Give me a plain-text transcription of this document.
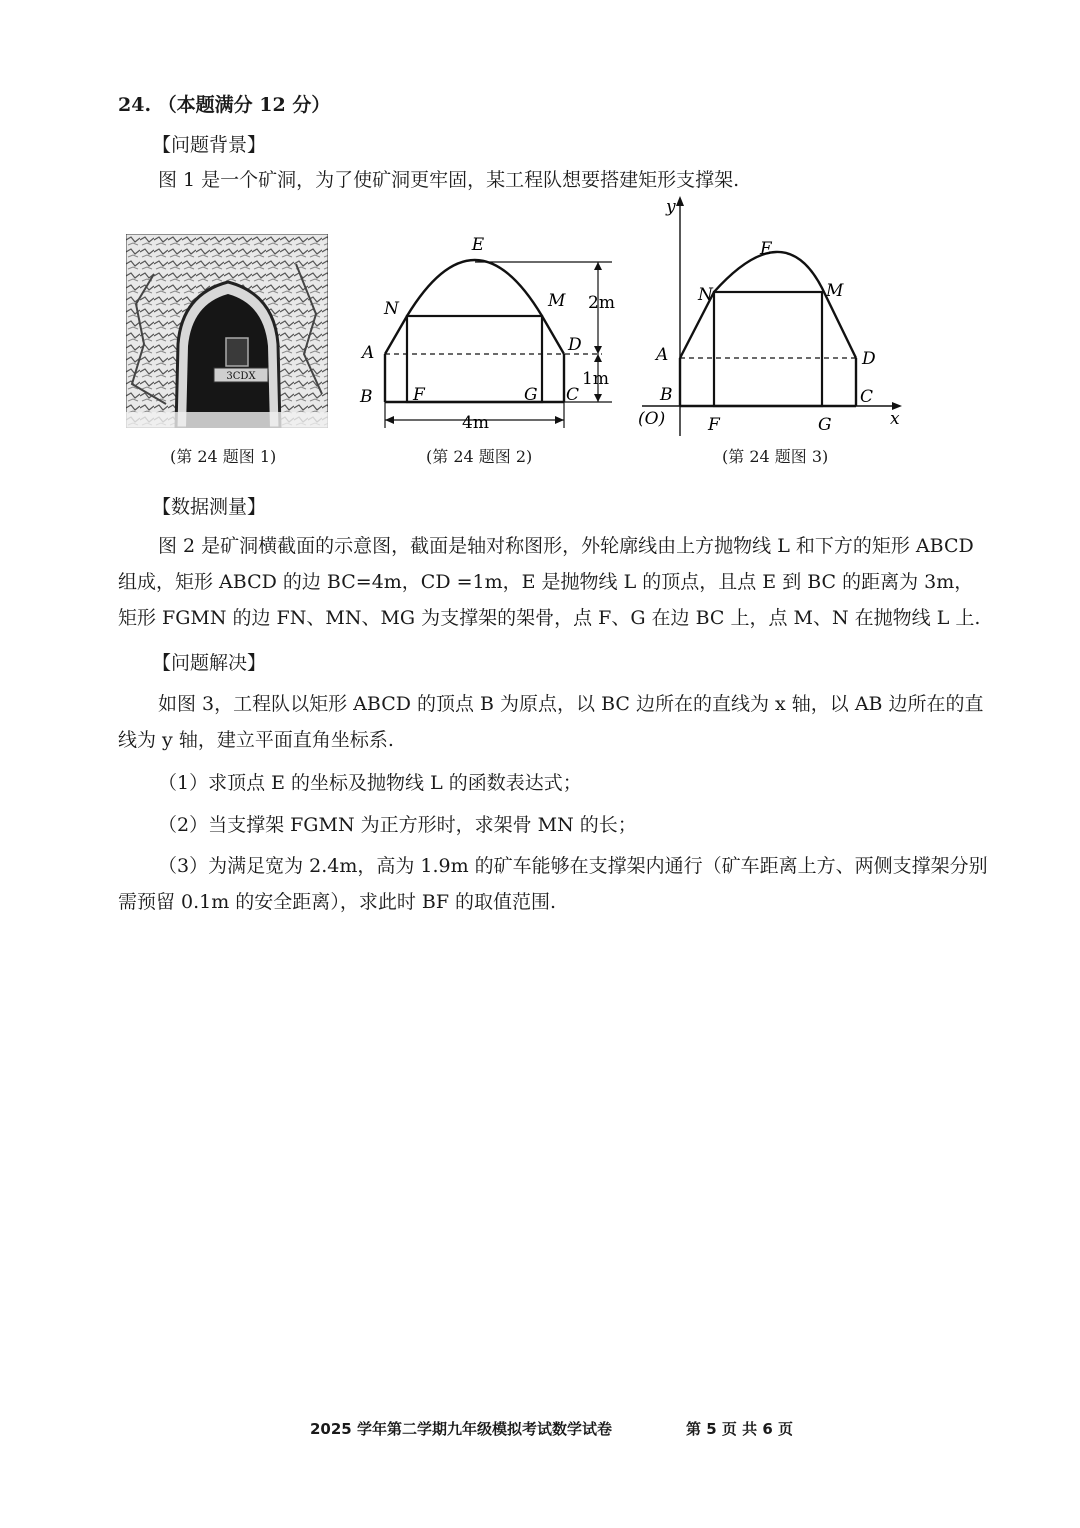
24. （本题满分 12 分）
【问题背景】
图 1 是一个矿洞，为了使矿洞更牢固，某工程队想要搭建矩形支撑架.
3CDX
(第 24 题图 1)
E
N	M
A	D
B F	G C
2m
1m
4m
(第 24 题图 2)
y
x
E
N	M
A	D
B	C
(O)	F	G
(第 24 题图 3)
【数据测量】
图 2 是矿洞横截面的示意图，截面是轴对称图形，外轮廓线由上方抛物线 L 和下方的矩形 ABCD 组成，矩形 ABCD 的边 BC=4m，CD =1m，E 是抛物线 L 的顶点，且点 E 到 BC 的距离为 3m，矩形 FGMN 的边 FN、MN、MG 为支撑架的架骨，点 F、G 在边 BC 上，点 M、N 在抛物线 L 上.
【问题解决】
如图 3，工程队以矩形 ABCD 的顶点 B 为原点，以 BC 边所在的直线为 x 轴，以 AB 边所在的直线为 y 轴，建立平面直角坐标系.
（1）求顶点 E 的坐标及抛物线 L 的函数表达式；
（2）当支撑架 FGMN 为正方形时，求架骨 MN 的长；
（3）为满足宽为 2.4m，高为 1.9m 的矿车能够在支撑架内通行（矿车距离上方、两侧支撑架分别需预留 0.1m 的安全距离），求此时 BF 的取值范围.
2025 学年第二学期九年级模拟考试数学试卷	第 5 页 共 6 页
